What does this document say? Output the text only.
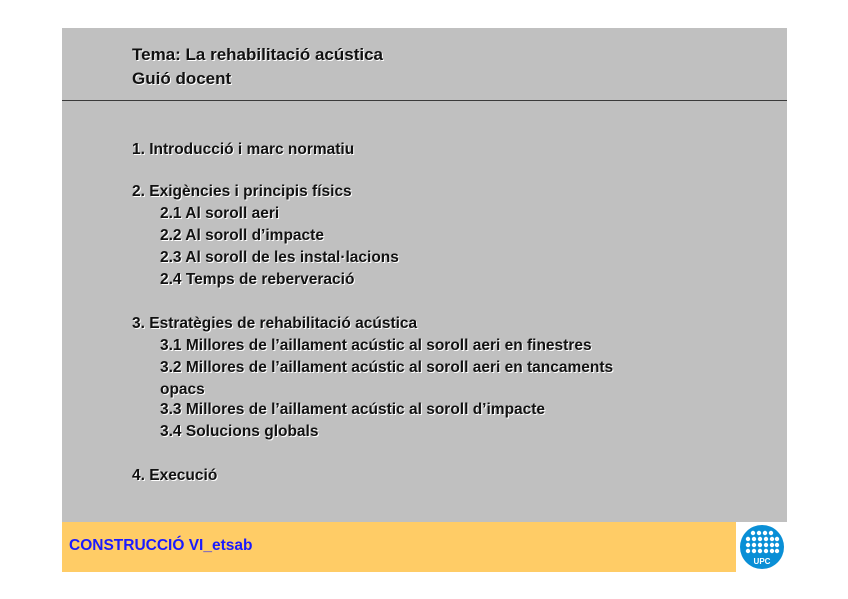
Tema: La rehabilitació acústica
Guió docent
1. Introducció i marc normatiu
2. Exigències i principis físics
2.1 Al soroll aeri
2.2 Al soroll d’impacte
2.3 Al soroll de les instal·lacions
2.4 Temps de reberveració
3. Estratègies de rehabilitació acústica
3.1 Millores de l’aillament acústic al soroll aeri en finestres
3.2 Millores de l’aillament acústic al soroll aeri en tancaments
opacs
3.3 Millores de l’aillament acústic al soroll d’impacte
3.4 Solucions globals
4. Execució
CONSTRUCCIÓ VI_etsab
UPC
